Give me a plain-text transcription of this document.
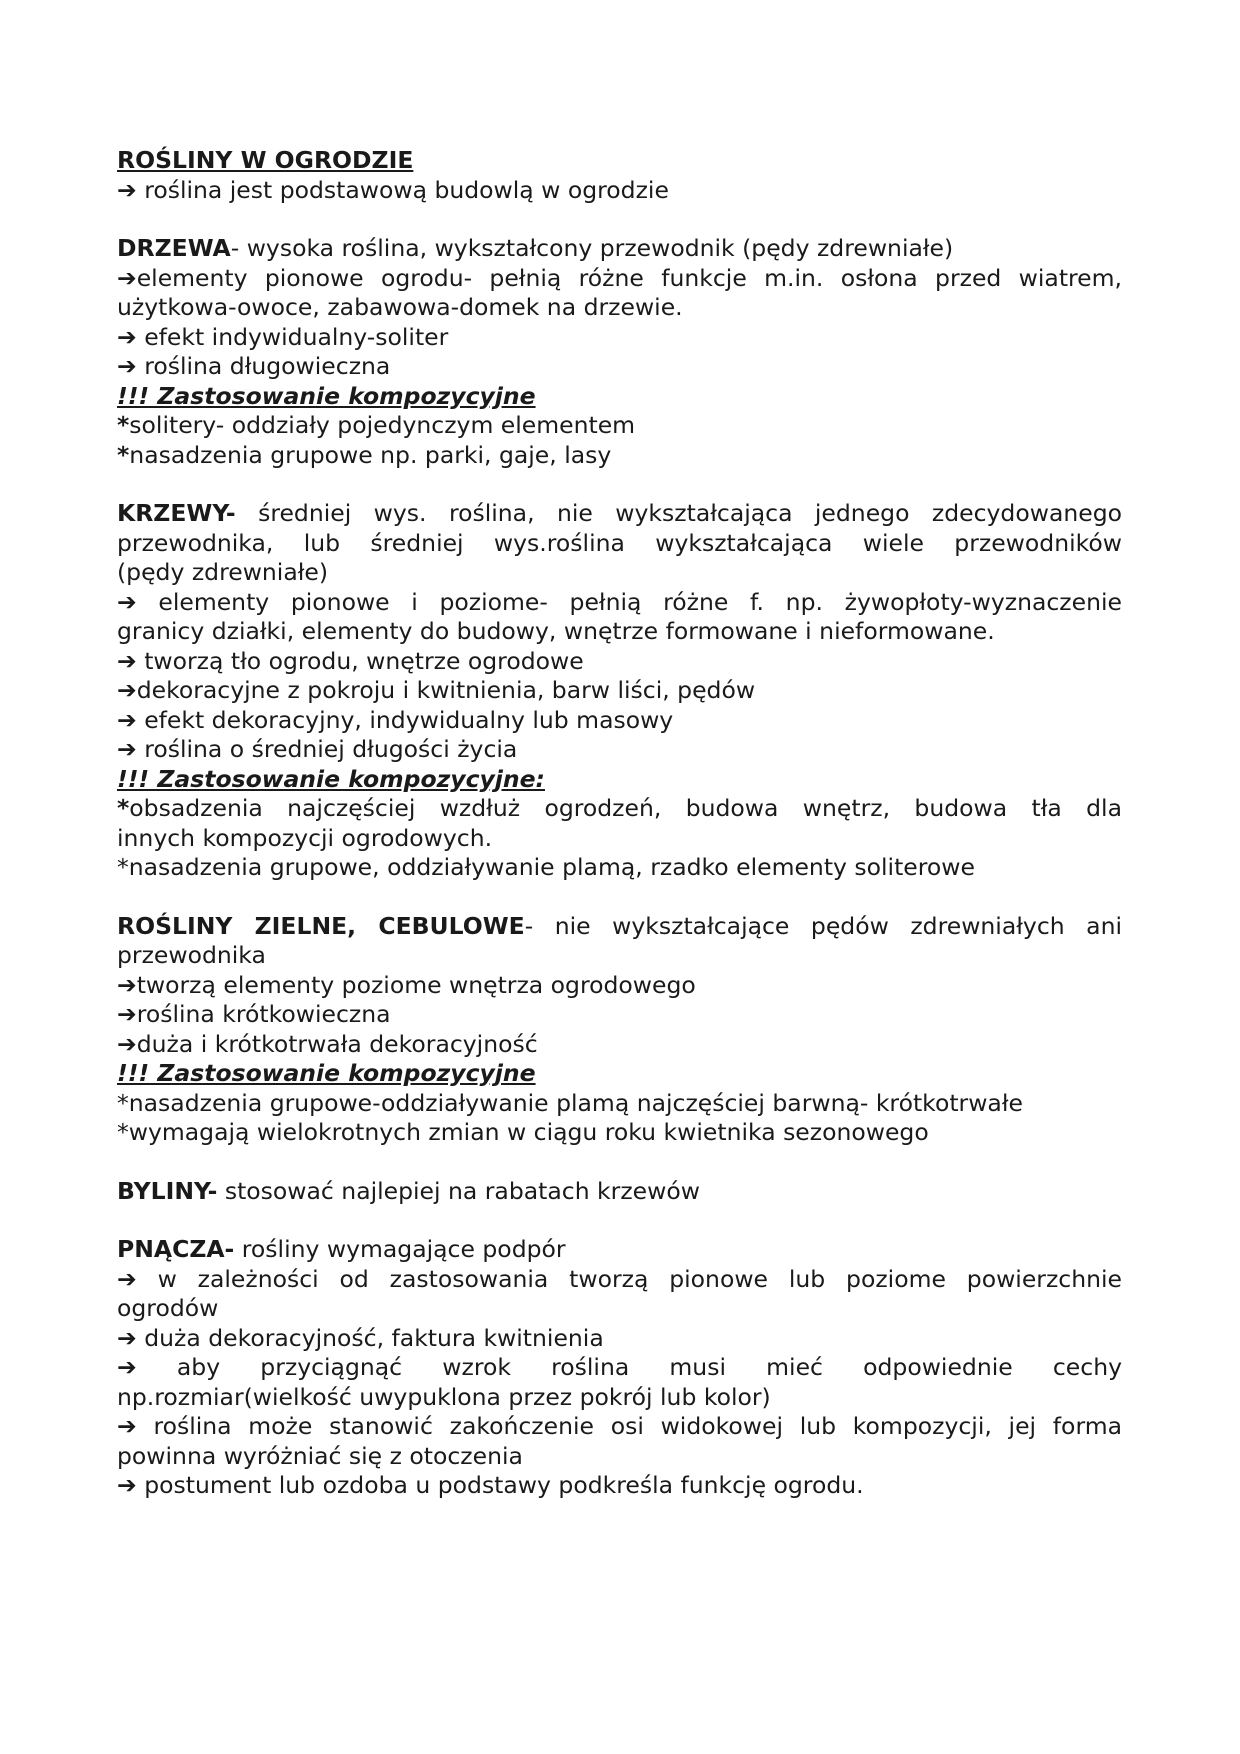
ROŚLINY W OGRODZIE

➔ roślina jest podstawową budowlą w ogrodzie

DRZEWA- wysoka roślina, wykształcony przewodnik (pędy zdrewniałe)

➔elementy pionowe ogrodu- pełnią różne funkcje m.in. osłona przed wiatrem,

użytkowa-owoce, zabawowa-domek na drzewie.

➔ efekt indywidualny-soliter

➔ roślina długowieczna

!!! Zastosowanie kompozycyjne

*solitery- oddziały pojedynczym elementem

*nasadzenia grupowe np. parki, gaje, lasy

KRZEWY- średniej wys. roślina, nie wykształcająca jednego zdecydowanego

przewodnika, lub średniej wys.roślina wykształcająca wiele przewodników

(pędy zdrewniałe)

➔ elementy pionowe i poziome- pełnią różne f. np. żywopłoty-wyznaczenie

granicy działki, elementy do budowy, wnętrze formowane i nieformowane.

➔ tworzą tło ogrodu, wnętrze ogrodowe

➔dekoracyjne z pokroju i kwitnienia, barw liści, pędów

➔ efekt dekoracyjny, indywidualny lub masowy

➔ roślina o średniej długości życia

!!! Zastosowanie kompozycyjne:

*obsadzenia najczęściej wzdłuż ogrodzeń, budowa wnętrz, budowa tła dla

innych kompozycji ogrodowych.

*nasadzenia grupowe, oddziaływanie plamą, rzadko elementy soliterowe

ROŚLINY ZIELNE, CEBULOWE- nie wykształcające pędów zdrewniałych ani

przewodnika

➔tworzą elementy poziome wnętrza ogrodowego

➔roślina krótkowieczna

➔duża i krótkotrwała dekoracyjność

!!! Zastosowanie kompozycyjne

*nasadzenia grupowe-oddziaływanie plamą najczęściej barwną- krótkotrwałe

*wymagają wielokrotnych zmian w ciągu roku kwietnika sezonowego

BYLINY- stosować najlepiej na rabatach krzewów

PNĄCZA- rośliny wymagające podpór

➔ w zależności od zastosowania tworzą pionowe lub poziome powierzchnie

ogrodów

➔ duża dekoracyjność, faktura kwitnienia

➔ aby przyciągnąć wzrok roślina musi mieć odpowiednie cechy

np.rozmiar(wielkość uwypuklona przez pokrój lub kolor)

➔ roślina może stanowić zakończenie osi widokowej lub kompozycji, jej forma

powinna wyróżniać się z otoczenia

➔ postument lub ozdoba u podstawy podkreśla funkcję ogrodu.
